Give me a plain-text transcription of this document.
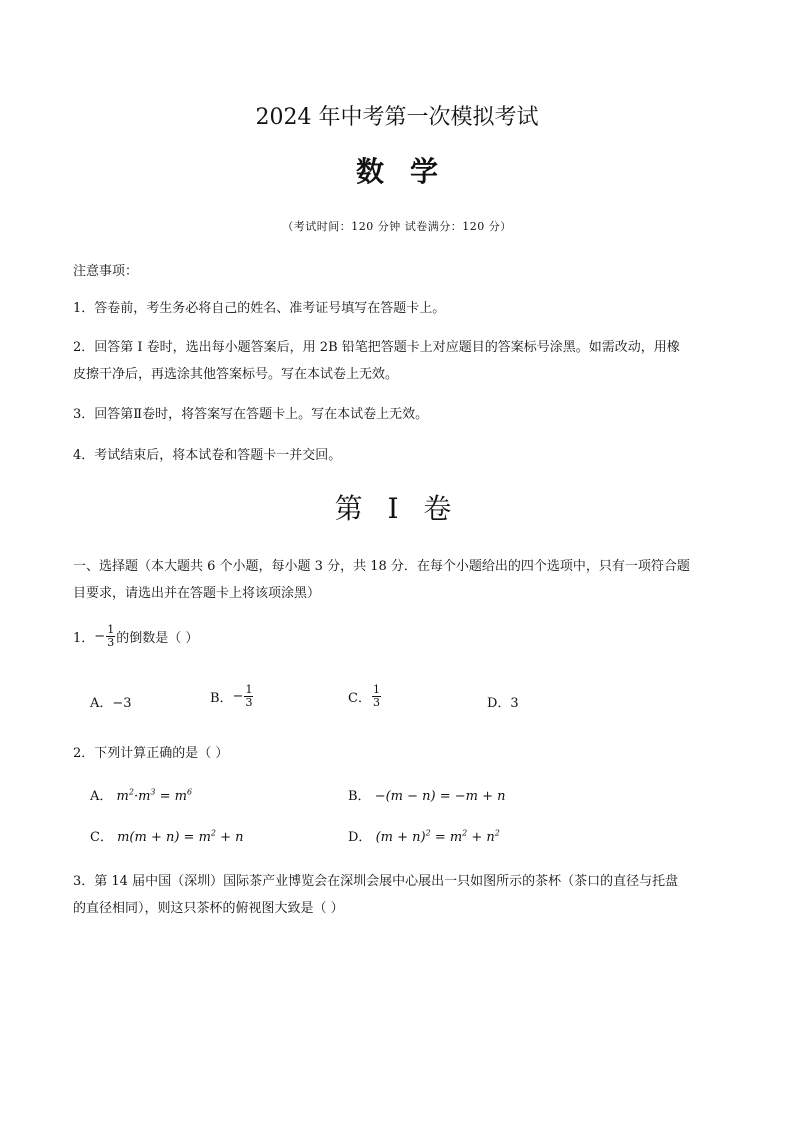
2024 年中考第一次模拟考试
数学
（考试时间：120 分钟 试卷满分：120 分）
注意事项：
1．答卷前，考生务必将自己的姓名、准考证号填写在答题卡上。
2．回答第 I 卷时，选出每小题答案后，用 2B 铅笔把答题卡上对应题目的答案标号涂黑。如需改动，用橡
皮擦干净后，再选涂其他答案标号。写在本试卷上无效。
3．回答第Ⅱ卷时，将答案写在答题卡上。写在本试卷上无效。
4．考试结束后，将本试卷和答题卡一并交回。
第 I 卷
一、选择题（本大题共 6 个小题，每小题 3 分，共 18 分．在每个小题给出的四个选项中，只有一项符合题
目要求，请选出并在答题卡上将该项涂黑）
1． − $\frac{1}{3}$ 的倒数是（ ）
A．−3	B． − $\frac{1}{3}$	C． $\frac{1}{3}$	D．3
2．下列计算正确的是（ ）
A． $m^2\cdot m^3 = m^6$	B． −(m − n) = −m + n
C． $m(m + n) = m^2 + n$	D． $(m + n)^2 = m^2 + n^2$
3．第 14 届中国（深圳）国际茶产业博览会在深圳会展中心展出一只如图所示的茶杯（茶口的直径与托盘
的直径相同），则这只茶杯的俯视图大致是（ ）
